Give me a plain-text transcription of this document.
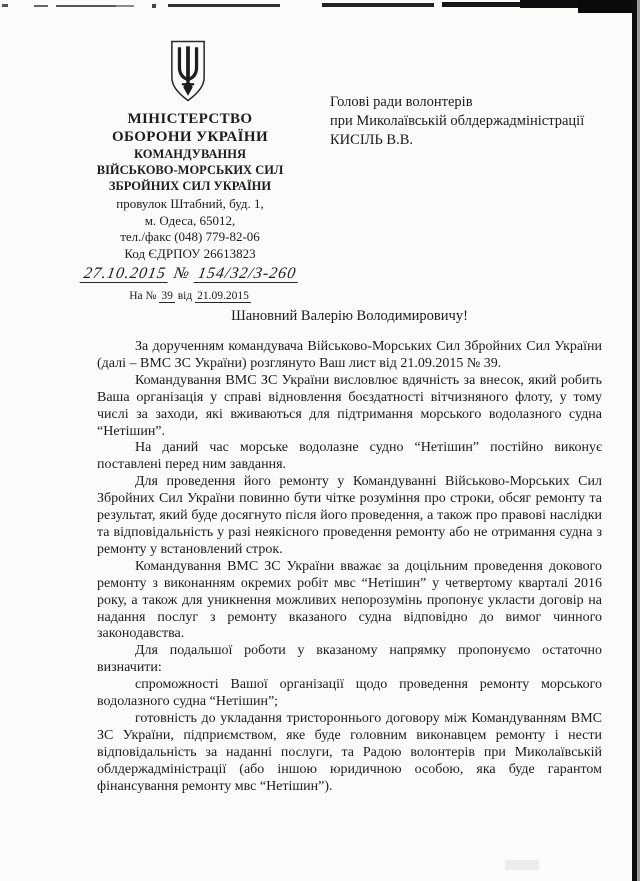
МІНІСТЕРСТВО
ОБОРОНИ УКРАЇНИ
КОМАНДУВАННЯ
ВІЙСЬКОВО-МОРСЬКИХ СИЛ
ЗБРОЙНИХ СИЛ УКРАЇНИ
провулок Штабний, буд. 1,
м. Одеса, 65012,
тел./факс (048) 779-82-06
Код ЄДРПОУ 26613823
27.10.2015 № 154/32/3-260
На № 39 від 21.09.2015
Голові ради волонтерів
при Миколаївській облдержадміністрації
КИСІЛЬ В.В.
Шановний Валерію Володимировичу!

За дорученням командувача Військово-Морських Сил Збройних Сил України (далі – ВМС ЗС України) розглянуто Ваш лист від 21.09.2015 № 39.

Командування ВМС ЗС України висловлює вдячність за внесок, який робить Ваша організація у справі відновлення боєздатності вітчизняного флоту, у тому числі за заходи, які вживаються для підтримання морського водолазного судна “Нетішин”.

На даний час морське водолазне судно “Нетішин” постійно виконує поставлені перед ним завдання.

Для проведення його ремонту у Командуванні Військово-Морських Сил Збройних Сил України повинно бути чітке розуміння про строки, обсяг ремонту та результат, який буде досягнуто після його проведення, а також про правові наслідки та відповідальність у разі неякісного проведення ремонту або не отримання судна з ремонту у встановлений строк.

Командування ВМС ЗС України вважає за доцільним проведення докового ремонту з виконанням окремих робіт мвс “Нетішин” у четвертому кварталі 2016 року, а також для уникнення можливих непорозумінь пропонує укласти договір на надання послуг з ремонту вказаного судна відповідно до вимог чинного законодавства.

Для подальшої роботи у вказаному напрямку пропонуємо остаточно визначити:

спроможності Вашої організації щодо проведення ремонту морського водолазного судна “Нетішин”;

готовність до укладання тристороннього договору між Командуванням ВМС ЗС України, підприємством, яке буде головним виконавцем ремонту і нести відповідальність за наданні послуги, та Радою волонтерів при Миколаївській облдержадміністрації (або іншою юридичною особою, яка буде гарантом фінансування ремонту мвс “Нетішин”).
